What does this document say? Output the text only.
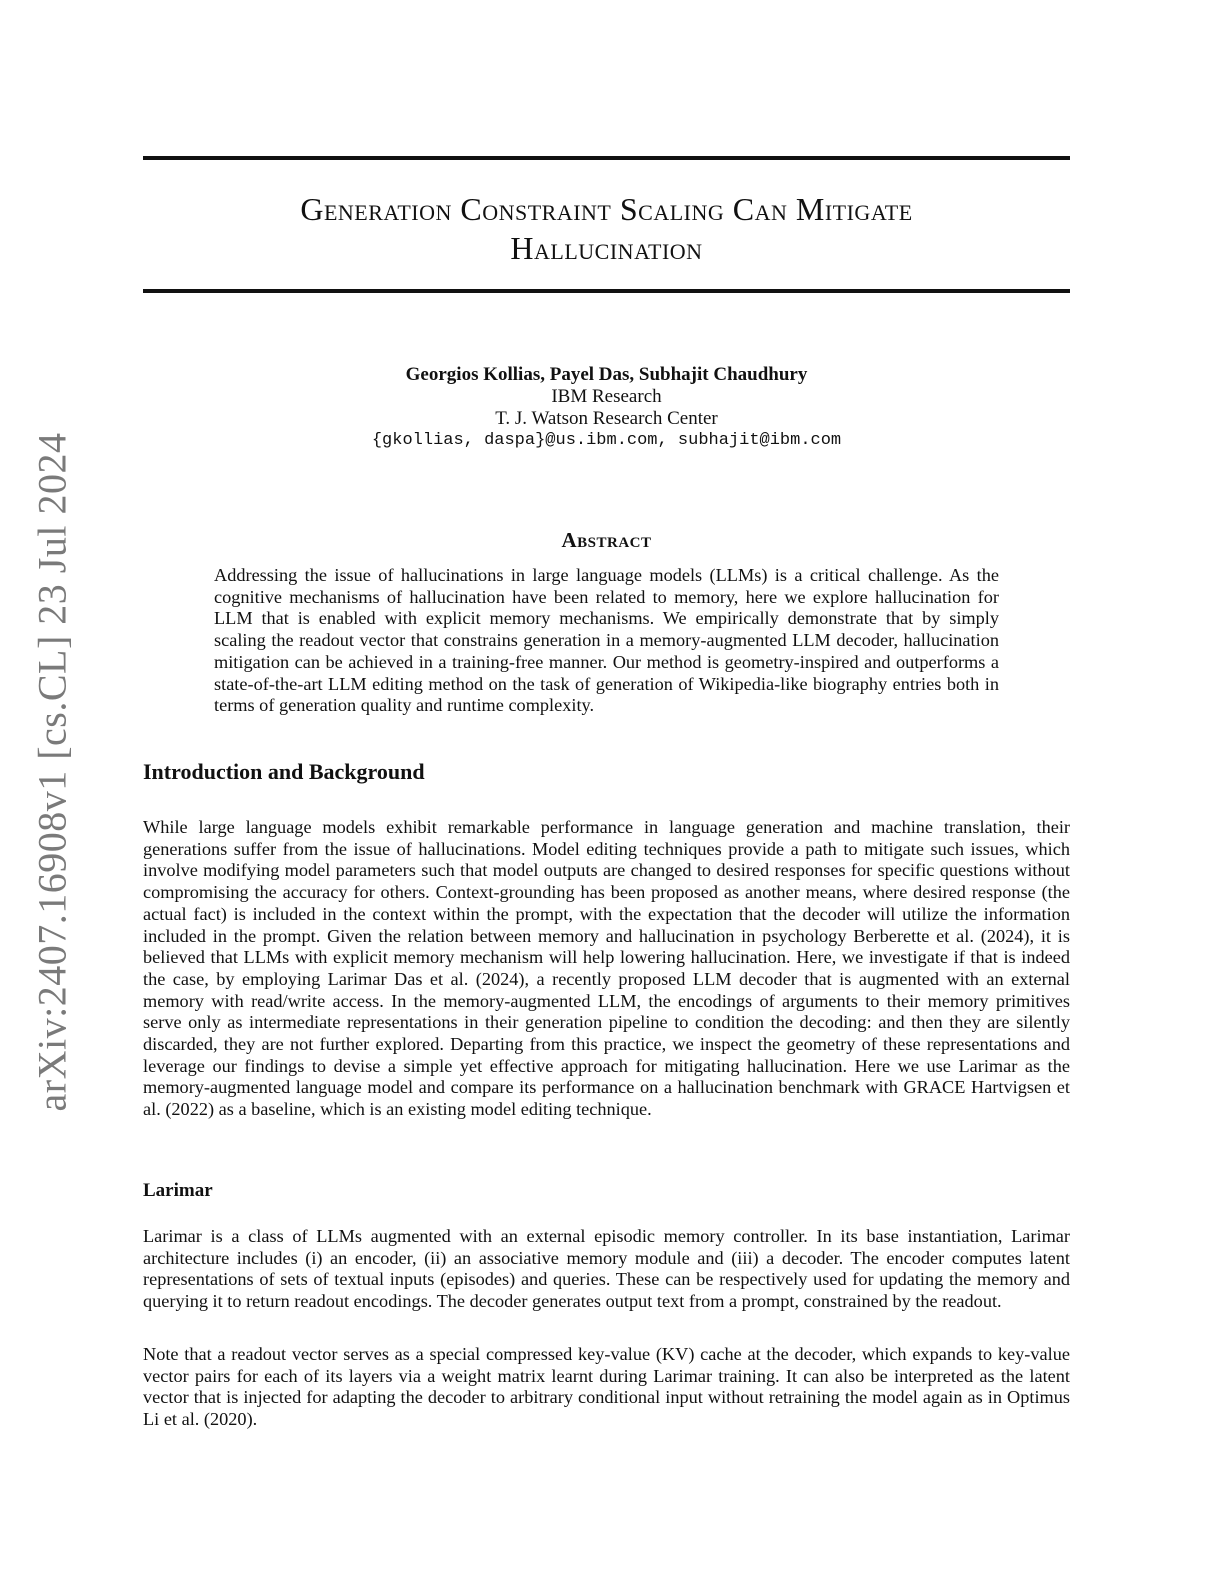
arXiv:2407.16908v1 [cs.CL] 23 Jul 2024
Generation Constraint Scaling Can Mitigate
Hallucination
Georgios Kollias, Payel Das, Subhajit Chaudhury
IBM Research
T. J. Watson Research Center
{gkollias, daspa}@us.ibm.com, subhajit@ibm.com
Abstract
Addressing the issue of hallucinations in large language models (LLMs) is a critical challenge. As the cognitive mechanisms of hallucination have been related to memory, here we explore hallucination for LLM that is enabled with explicit memory mechanisms. We empirically demonstrate that by simply scaling the readout vector that constrains generation in a memory-augmented LLM decoder, hallucination mitigation can be achieved in a training-free manner. Our method is geometry-inspired and outperforms a state-of-the-art LLM editing method on the task of generation of Wikipedia-like biography entries both in terms of generation quality and runtime complexity.
Introduction and Background
While large language models exhibit remarkable performance in language generation and machine translation, their generations suffer from the issue of hallucinations. Model editing techniques provide a path to mitigate such issues, which involve modifying model parameters such that model outputs are changed to desired responses for specific questions without compromising the accuracy for others. Context-grounding has been proposed as another means, where desired response (the actual fact) is included in the context within the prompt, with the expectation that the decoder will utilize the information included in the prompt. Given the relation between memory and hallucination in psychology Berberette et al. (2024), it is believed that LLMs with explicit memory mechanism will help lowering hallucination. Here, we investigate if that is indeed the case, by employing Larimar Das et al. (2024), a recently proposed LLM decoder that is augmented with an external memory with read/write access. In the memory-augmented LLM, the encodings of arguments to their memory primitives serve only as intermediate representations in their generation pipeline to condition the decoding: and then they are silently discarded, they are not further explored. Departing from this practice, we inspect the geometry of these representations and leverage our findings to devise a simple yet effective approach for mitigating hallucination. Here we use Larimar as the memory-augmented language model and compare its performance on a hallucination benchmark with GRACE Hartvigsen et al. (2022) as a baseline, which is an existing model editing technique.
Larimar
Larimar is a class of LLMs augmented with an external episodic memory controller. In its base instantiation, Larimar architecture includes (i) an encoder, (ii) an associative memory module and (iii) a decoder. The encoder computes latent representations of sets of textual inputs (episodes) and queries. These can be respectively used for updating the memory and querying it to return readout encodings. The decoder generates output text from a prompt, constrained by the readout.
Note that a readout vector serves as a special compressed key-value (KV) cache at the decoder, which expands to key-value vector pairs for each of its layers via a weight matrix learnt during Larimar training. It can also be interpreted as the latent vector that is injected for adapting the decoder to arbitrary conditional input without retraining the model again as in Optimus Li et al. (2020).
